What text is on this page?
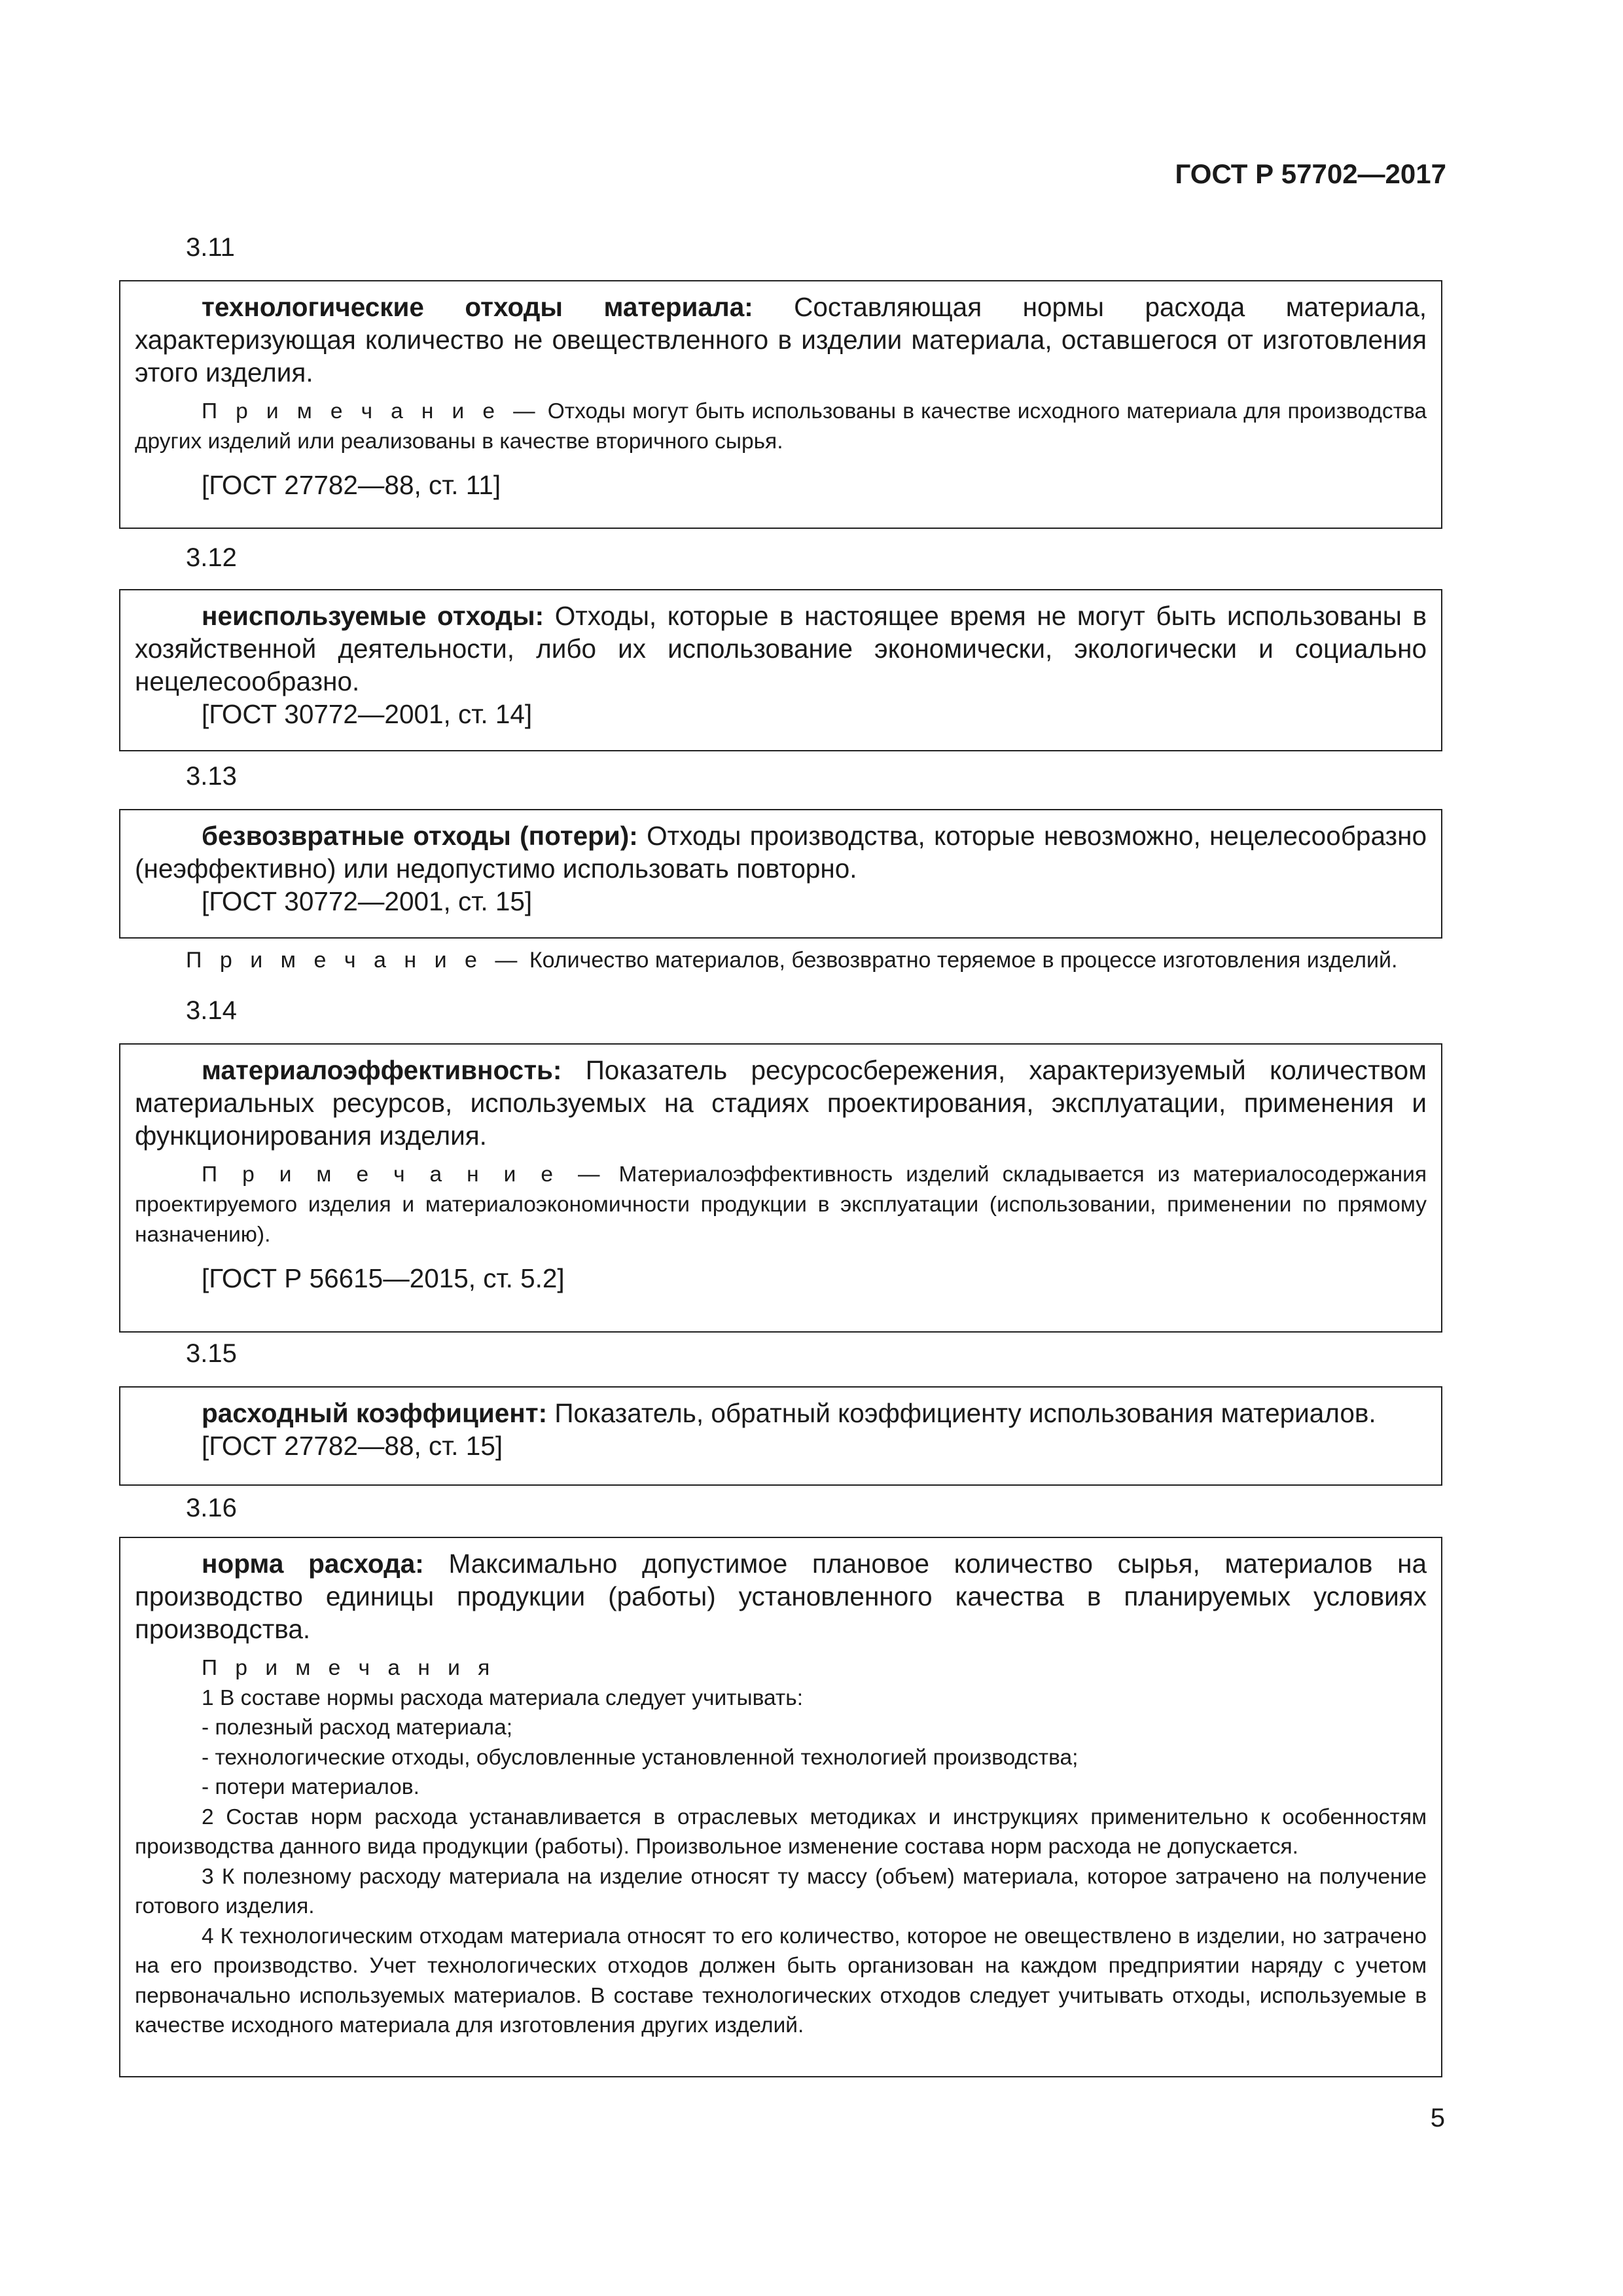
ГОСТ Р 57702—2017
3.11

технологические отходы материала: Составляющая нормы расхода материала, характеризующая количество не овеществленного в изделии материала, оставшегося от изготовления этого изделия.

П р и м е ч а н и е — Отходы могут быть использованы в качестве исходного материала для производства других изделий или реализованы в качестве вторичного сырья.

[ГОСТ 27782—88, ст. 11]
3.12

неиспользуемые отходы: Отходы, которые в настоящее время не могут быть использованы в хозяйственной деятельности, либо их использование экономически, экологически и социально нецелесообразно.

[ГОСТ 30772—2001, ст. 14]
3.13

безвозвратные отходы (потери): Отходы производства, которые невозможно, нецелесообразно (неэффективно) или недопустимо использовать повторно.

[ГОСТ 30772—2001, ст. 15]
П р и м е ч а н и е — Количество материалов, безвозвратно теряемое в процессе изготовления изделий.
3.14

материалоэффективность: Показатель ресурсосбережения, характеризуемый количеством материальных ресурсов, используемых на стадиях проектирования, эксплуатации, применения и функционирования изделия.

П р и м е ч а н и е — Материалоэффективность изделий складывается из материалосодержания проектируемого изделия и материалоэкономичности продукции в эксплуатации (использовании, применении по прямому назначению).

[ГОСТ Р 56615—2015, ст. 5.2]
3.15

расходный коэффициент: Показатель, обратный коэффициенту использования материалов.

[ГОСТ 27782—88, ст. 15]
3.16

норма расхода: Максимально допустимое плановое количество сырья, материалов на производство единицы продукции (работы) установленного качества в планируемых условиях производства.

П р и м е ч а н и я

1 В составе нормы расхода материала следует учитывать:

- полезный расход материала;
- технологические отходы, обусловленные установленной технологией производства;
- потери материалов.

2 Состав норм расхода устанавливается в отраслевых методиках и инструкциях применительно к особенностям производства данного вида продукции (работы). Произвольное изменение состава норм расхода не допускается.

3 К полезному расходу материала на изделие относят ту массу (объем) материала, которое затрачено на получение готового изделия.

4 К технологическим отходам материала относят то его количество, которое не овеществлено в изделии, но затрачено на его производство. Учет технологических отходов должен быть организован на каждом предприятии наряду с учетом первоначально используемых материалов. В составе технологических отходов следует учитывать отходы, используемые в качестве исходного материала для изготовления других изделий.

5
